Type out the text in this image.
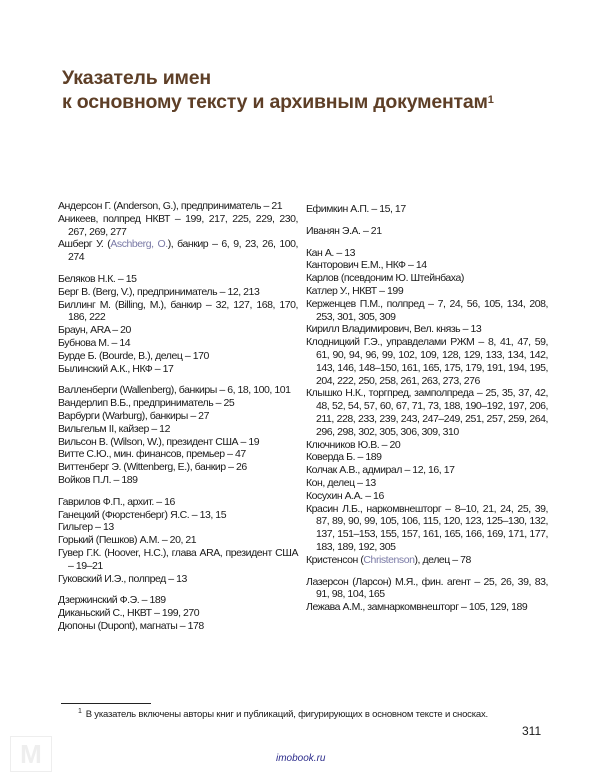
Указатель имен
к основному тексту и архивным документам$^1$
Андерсон Г. (Anderson, G.), предприниматель – 21
Аникеев, полпред НКВТ – 199, 217, 225, 229, 230, 267, 269, 277
Ашберг У. (Aschberg, O.), банкир – 6, 9, 23, 26, 100, 274
Беляков Н.К. – 15
Берг В. (Berg, V.), предприниматель – 12, 213
Биллинг М. (Billing, M.), банкир – 32, 127, 168, 170, 186, 222
Браун, ARA – 20
Бубнова М. – 14
Бурде Б. (Bourde, B.), делец – 170
Былинский А.К., НКФ – 17
Валленберги (Wallenberg), банкиры – 6, 18, 100, 101
Вандерлип В.Б., предприниматель – 25
Варбурги (Warburg), банкиры – 27
Вильгельм II, кайзер – 12
Вильсон В. (Wilson, W.), президент США – 19
Витте С.Ю., мин. финансов, премьер – 47
Виттенберг Э. (Wittenberg, E.), банкир – 26
Войков П.Л. – 189
Гаврилов Ф.П., архит. – 16
Ганецкий (Фюрстенберг) Я.С. – 13, 15
Гильгер – 13
Горький (Пешков) А.М. – 20, 21
Гувер Г.К. (Hoover, H.C.), глава ARA, президент США – 19–21
Гуковский И.Э., полпред – 13
Дзержинский Ф.Э. – 189
Диканьский С., НКВТ – 199, 270
Дюпоны (Dupont), магнаты – 178
Ефимкин А.П. – 15, 17
Иванян Э.А. – 21
Кан А. – 13
Канторович Е.М., НКФ – 14
Карлов (псевдоним Ю. Штейнбаха)
Катлер У., НКВТ – 199
Керженцев П.М., полпред – 7, 24, 56, 105, 134, 208, 253, 301, 305, 309
Кирилл Владимирович, Вел. князь – 13
Клодницкий Г.Э., управделами РЖМ – 8, 41, 47, 59, 61, 90, 94, 96, 99, 102, 109, 128, 129, 133, 134, 142, 143, 146, 148–150, 161, 165, 175, 179, 191, 194, 195, 204, 222, 250, 258, 261, 263, 273, 276
Клышко Н.К., торгпред, замполпреда – 25, 35, 37, 42, 48, 52, 54, 57, 60, 67, 71, 73, 188, 190–192, 197, 206, 211, 228, 233, 239, 243, 247–249, 251, 257, 259, 264, 296, 298, 302, 305, 306, 309, 310
Ключников Ю.В. – 20
Коверда Б. – 189
Колчак А.В., адмирал – 12, 16, 17
Кон, делец – 13
Косухин А.А. – 16
Красин Л.Б., наркомвнешторг – 8–10, 21, 24, 25, 39, 87, 89, 90, 99, 105, 106, 115, 120, 123, 125–130, 132, 137, 151–153, 155, 157, 161, 165, 166, 169, 171, 177, 183, 189, 192, 305
Кристенсон (Christenson), делец – 78
Лазерсон (Ларсон) М.Я., фин. агент – 25, 26, 39, 83, 91, 98, 104, 165
Лежава А.М., замнаркомвнешторг – 105, 129, 189
$^1$ В указатель включены авторы книг и публикаций, фигурирующих в основном тексте и сносках.
311
M	imobook.ru
